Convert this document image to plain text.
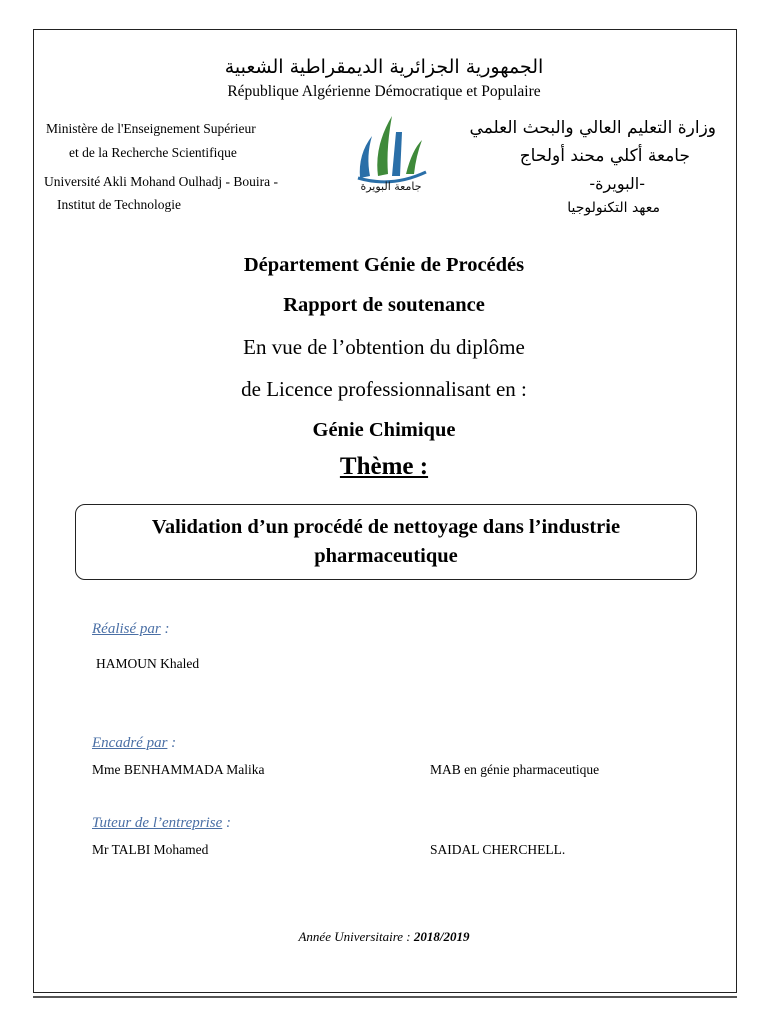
الجمهورية الجزائرية الديمقراطية الشعبية
République Algérienne Démocratique et Populaire
Ministère de l'Enseignement Supérieur
et de la Recherche Scientifique
Université Akli Mohand Oulhadj - Bouira -
Institut de Technologie
وزارة التعليم العالي والبحث العلمي
جامعة أكلي محند أولحاج
-البويرة-
معهد التكنولوجيا
جامعة البويرة
Département Génie de Procédés
Rapport de soutenance
En vue de l’obtention du diplôme
de Licence professionnalisant en :
Génie Chimique
Thème :
Validation d’un procédé de nettoyage dans l’industrie pharmaceutique
Réalisé par :
HAMOUN Khaled
Encadré par :
Mme BENHAMMADA Malika	MAB en génie pharmaceutique
Tuteur de l’entreprise :
Mr TALBI Mohamed	SAIDAL CHERCHELL.
Année Universitaire : 2018/2019
